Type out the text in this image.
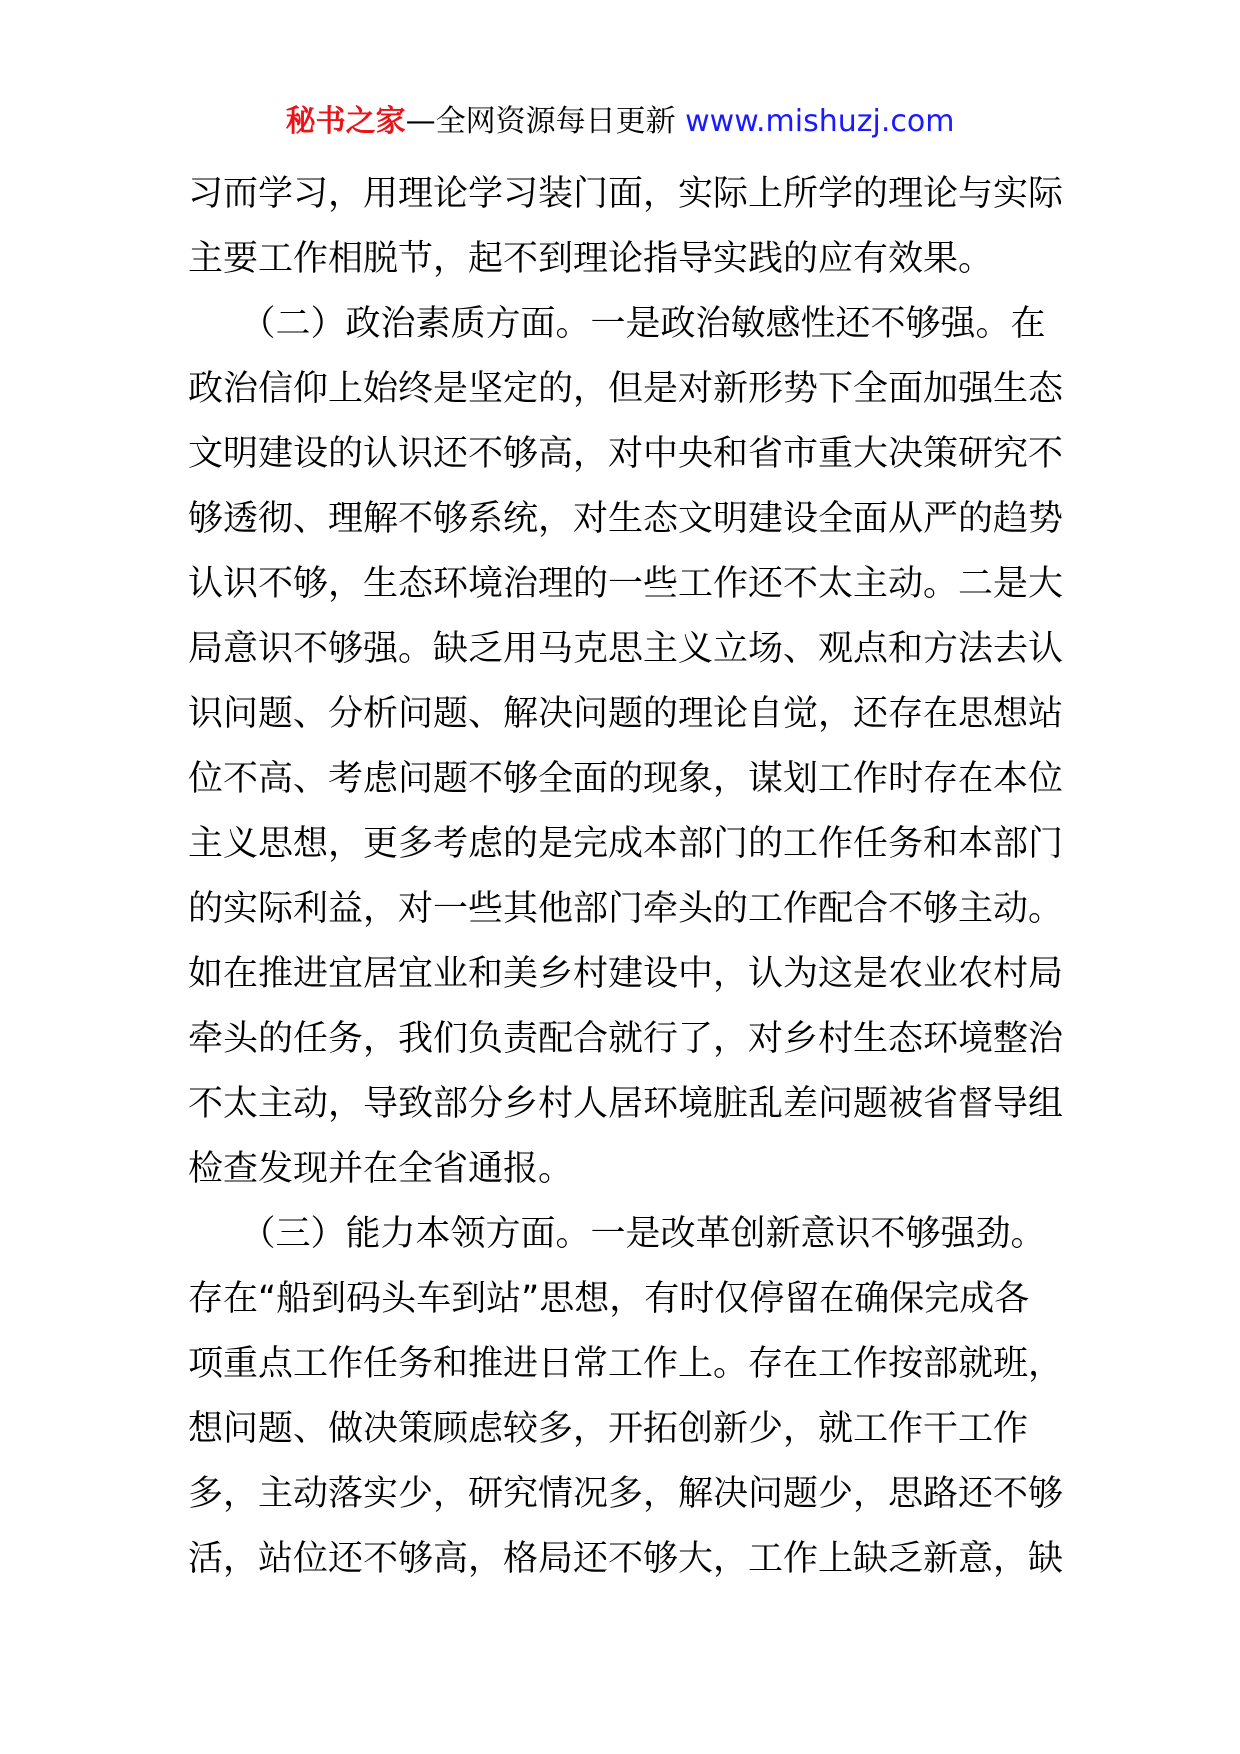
秘书之家—全网资源每日更新 www.mishuzj.com
习而学习，用理论学习装门面，实际上所学的理论与实际
主要工作相脱节，起不到理论指导实践的应有效果。
　　（二）政治素质方面。一是政治敏感性还不够强。在
政治信仰上始终是坚定的，但是对新形势下全面加强生态
文明建设的认识还不够高，对中央和省市重大决策研究不
够透彻、理解不够系统，对生态文明建设全面从严的趋势
认识不够，生态环境治理的一些工作还不太主动。二是大
局意识不够强。缺乏用马克思主义立场、观点和方法去认
识问题、分析问题、解决问题的理论自觉，还存在思想站
位不高、考虑问题不够全面的现象，谋划工作时存在本位
主义思想，更多考虑的是完成本部门的工作任务和本部门
的实际利益，对一些其他部门牵头的工作配合不够主动。
如在推进宜居宜业和美乡村建设中，认为这是农业农村局
牵头的任务，我们负责配合就行了，对乡村生态环境整治
不太主动，导致部分乡村人居环境脏乱差问题被省督导组
检查发现并在全省通报。
　　（三）能力本领方面。一是改革创新意识不够强劲。
存在“船到码头车到站”思想，有时仅停留在确保完成各
项重点工作任务和推进日常工作上。存在工作按部就班，
想问题、做决策顾虑较多，开拓创新少，就工作干工作
多，主动落实少，研究情况多，解决问题少，思路还不够
活，站位还不够高，格局还不够大，工作上缺乏新意，缺
